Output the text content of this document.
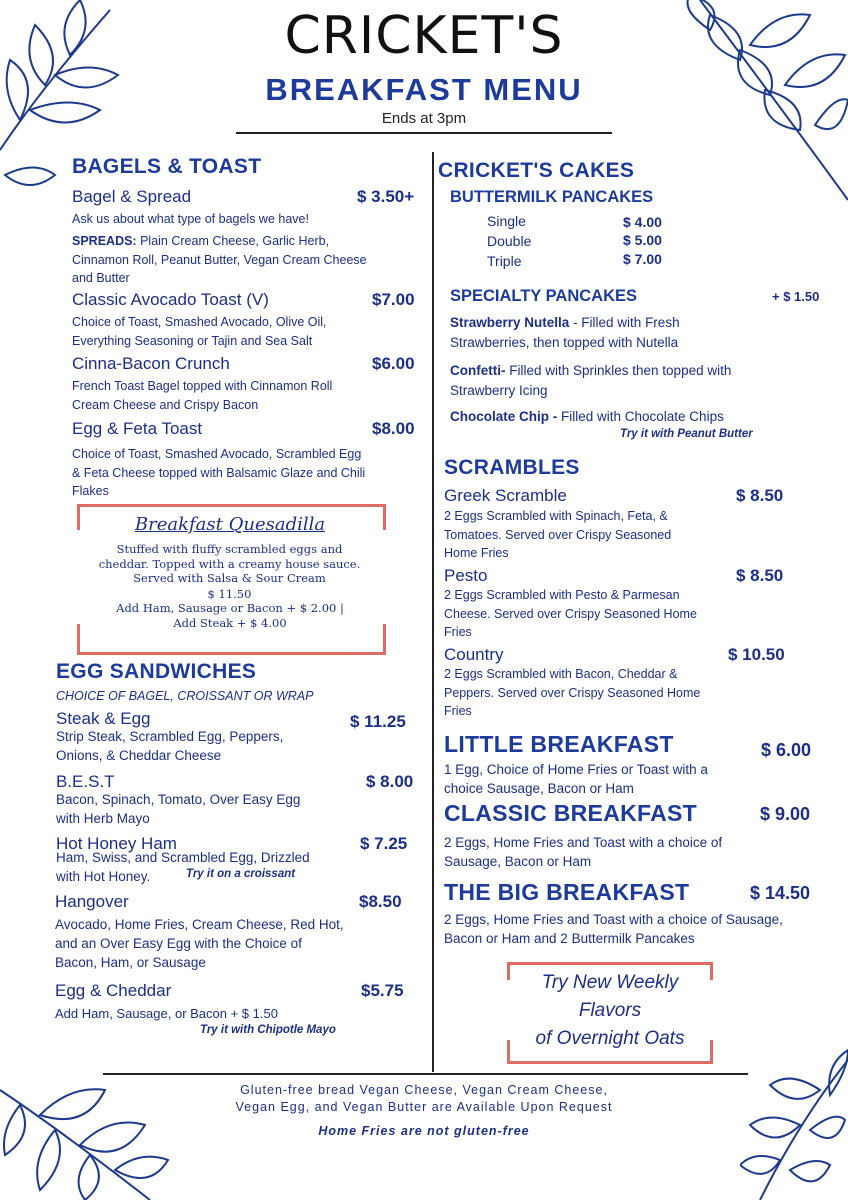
CRICKET'S
BREAKFAST MENU
Ends at 3pm
BAGELS & TOAST
Bagel & Spread	$ 3.50+
Ask us about what type of bagels we have!
SPREADS: Plain Cream Cheese, Garlic Herb, Cinnamon Roll, Peanut Butter, Vegan Cream Cheese and Butter
Classic Avocado Toast (V)	$7.00
Choice of Toast, Smashed Avocado, Olive Oil, Everything Seasoning or Tajin and Sea Salt
Cinna-Bacon Crunch	$6.00
French Toast Bagel topped with Cinnamon Roll Cream Cheese and Crispy Bacon
Egg & Feta Toast	$8.00
Choice of Toast, Smashed Avocado, Scrambled Egg & Feta Cheese topped with Balsamic Glaze and Chili Flakes
Breakfast Quesadilla
Stuffed with fluffy scrambled eggs and cheddar. Topped with a creamy house sauce. Served with Salsa & Sour Cream
$ 11.50
Add Ham, Sausage or Bacon + $ 2.00 | Add Steak + $ 4.00
EGG SANDWICHES
CHOICE OF BAGEL, CROISSANT OR WRAP
Steak & Egg	$ 11.25
Strip Steak, Scrambled Egg, Peppers, Onions, & Cheddar Cheese
B.E.S.T	$ 8.00
Bacon, Spinach, Tomato, Over Easy Egg with Herb Mayo
Hot Honey Ham	$ 7.25
Ham, Swiss, and Scrambled Egg, Drizzled with Hot Honey.	Try it on a croissant
Hangover	$8.50
Avocado, Home Fries, Cream Cheese, Red Hot, and an Over Easy Egg with the Choice of Bacon, Ham, or Sausage
Egg & Cheddar	$5.75
Add Ham, Sausage, or Bacon + $ 1.50
Try it with Chipotle Mayo
CRICKET'S CAKES
BUTTERMILK PANCAKES
Single	$ 4.00
Double	$ 5.00
Triple	$ 7.00
SPECIALTY PANCAKES	+ $ 1.50
Strawberry Nutella - Filled with Fresh Strawberries, then topped with Nutella
Confetti- Filled with Sprinkles then topped with Strawberry Icing
Chocolate Chip - Filled with Chocolate Chips
Try it with Peanut Butter
SCRAMBLES
Greek Scramble	$ 8.50
2 Eggs Scrambled with Spinach, Feta, & Tomatoes. Served over Crispy Seasoned Home Fries
Pesto	$ 8.50
2 Eggs Scrambled with Pesto & Parmesan Cheese. Served over Crispy Seasoned Home Fries
Country	$ 10.50
2 Eggs Scrambled with Bacon, Cheddar & Peppers. Served over Crispy Seasoned Home Fries
LITTLE BREAKFAST	$ 6.00
1 Egg, Choice of Home Fries or Toast with a choice Sausage, Bacon or Ham
CLASSIC BREAKFAST	$ 9.00
2 Eggs, Home Fries and Toast with a choice of Sausage, Bacon or Ham
THE BIG BREAKFAST	$ 14.50
2 Eggs, Home Fries and Toast with a choice of Sausage, Bacon or Ham and 2 Buttermilk Pancakes
Try New Weekly
Flavors
of Overnight Oats
Gluten-free bread Vegan Cheese, Vegan Cream Cheese,
Vegan Egg, and Vegan Butter are Available Upon Request
Home Fries are not gluten-free
